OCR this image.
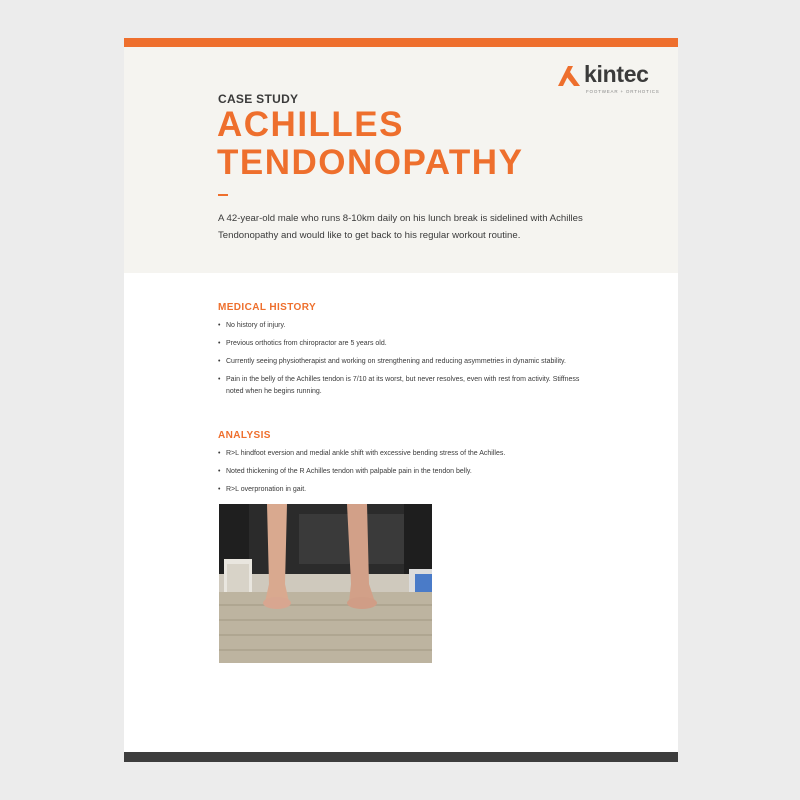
kintec
FOOTWEAR + ORTHOTICS
CASE STUDY
ACHILLES
TENDONOPATHY
A 42-year-old male who runs 8-10km daily on his lunch break is sidelined with Achilles Tendonopathy and would like to get back to his regular workout routine.
MEDICAL HISTORY
• No history of injury.
• Previous orthotics from chiropractor are 5 years old.
• Currently seeing physiotherapist and working on strengthening and reducing asymmetries in dynamic stability.
• Pain in the belly of the Achilles tendon is 7/10 at its worst, but never resolves, even with rest from activity. Stiffness noted when he begins running.
ANALYSIS
• R>L hindfoot eversion and medial ankle shift with excessive bending stress of the Achilles.
• Noted thickening of the R Achilles tendon with palpable pain in the tendon belly.
• R>L overpronation in gait.
